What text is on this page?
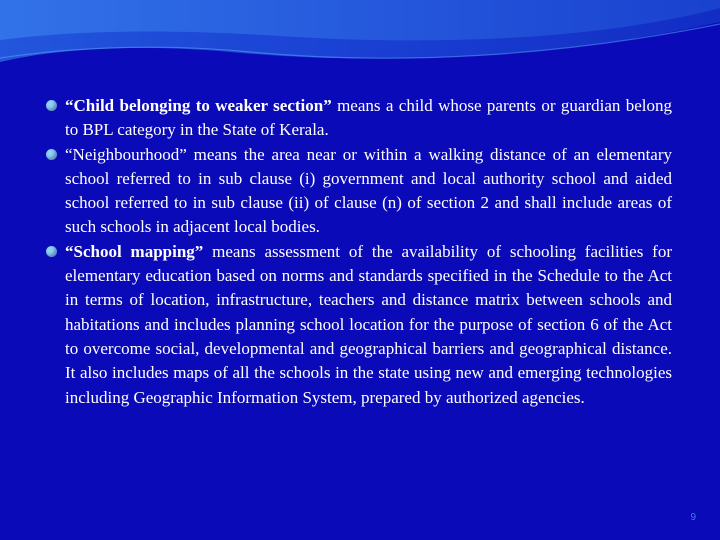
“Child belonging to weaker section” means a child whose parents or guardian belong to BPL category in the State of Kerala.
“Neighbourhood” means the area near or within a walking distance of an elementary school referred to in sub clause (i) government and local authority school and aided school referred to in sub clause (ii) of clause (n) of section 2 and shall include areas of such schools in adjacent local bodies.
“School mapping” means assessment of the availability of schooling facilities for elementary education based on norms and standards specified in the Schedule to the Act in terms of location, infrastructure, teachers and distance matrix between schools and habitations and includes planning school location for the purpose of section 6 of the Act to overcome social, developmental and geographical barriers and geographical distance. It also includes maps of all the schools in the state using new and emerging technologies including Geographic Information System, prepared by authorized agencies.
9
